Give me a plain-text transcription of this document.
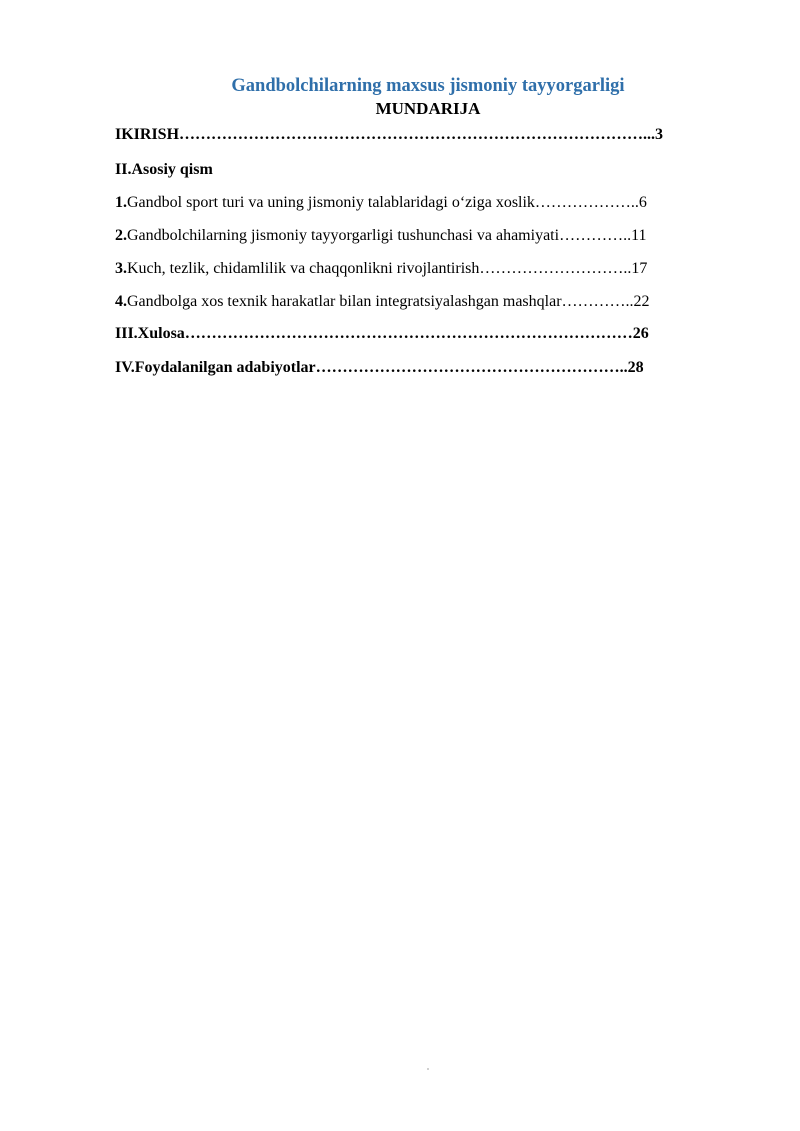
Gandbolchilarning maxsus jismoniy tayyorgarligi
MUNDARIJA
IKIRISH……………………………………………………………………………...3
II.Asosiy qism
1.Gandbol sport turi va uning jismoniy talablaridagi o‘ziga xoslik………………..6
2.Gandbolchilarning jismoniy tayyorgarligi tushunchasi va ahamiyati…………..11
3.Kuch, tezlik, chidamlilik va chaqqonlikni rivojlantirish………………………..17
4.Gandbolga xos texnik harakatlar bilan integratsiyalashgan mashqlar…………..22
III.Xulosa…………………………………………………………………………26
IV.Foydalanilgan adabiyotlar…………………………………………………..28
